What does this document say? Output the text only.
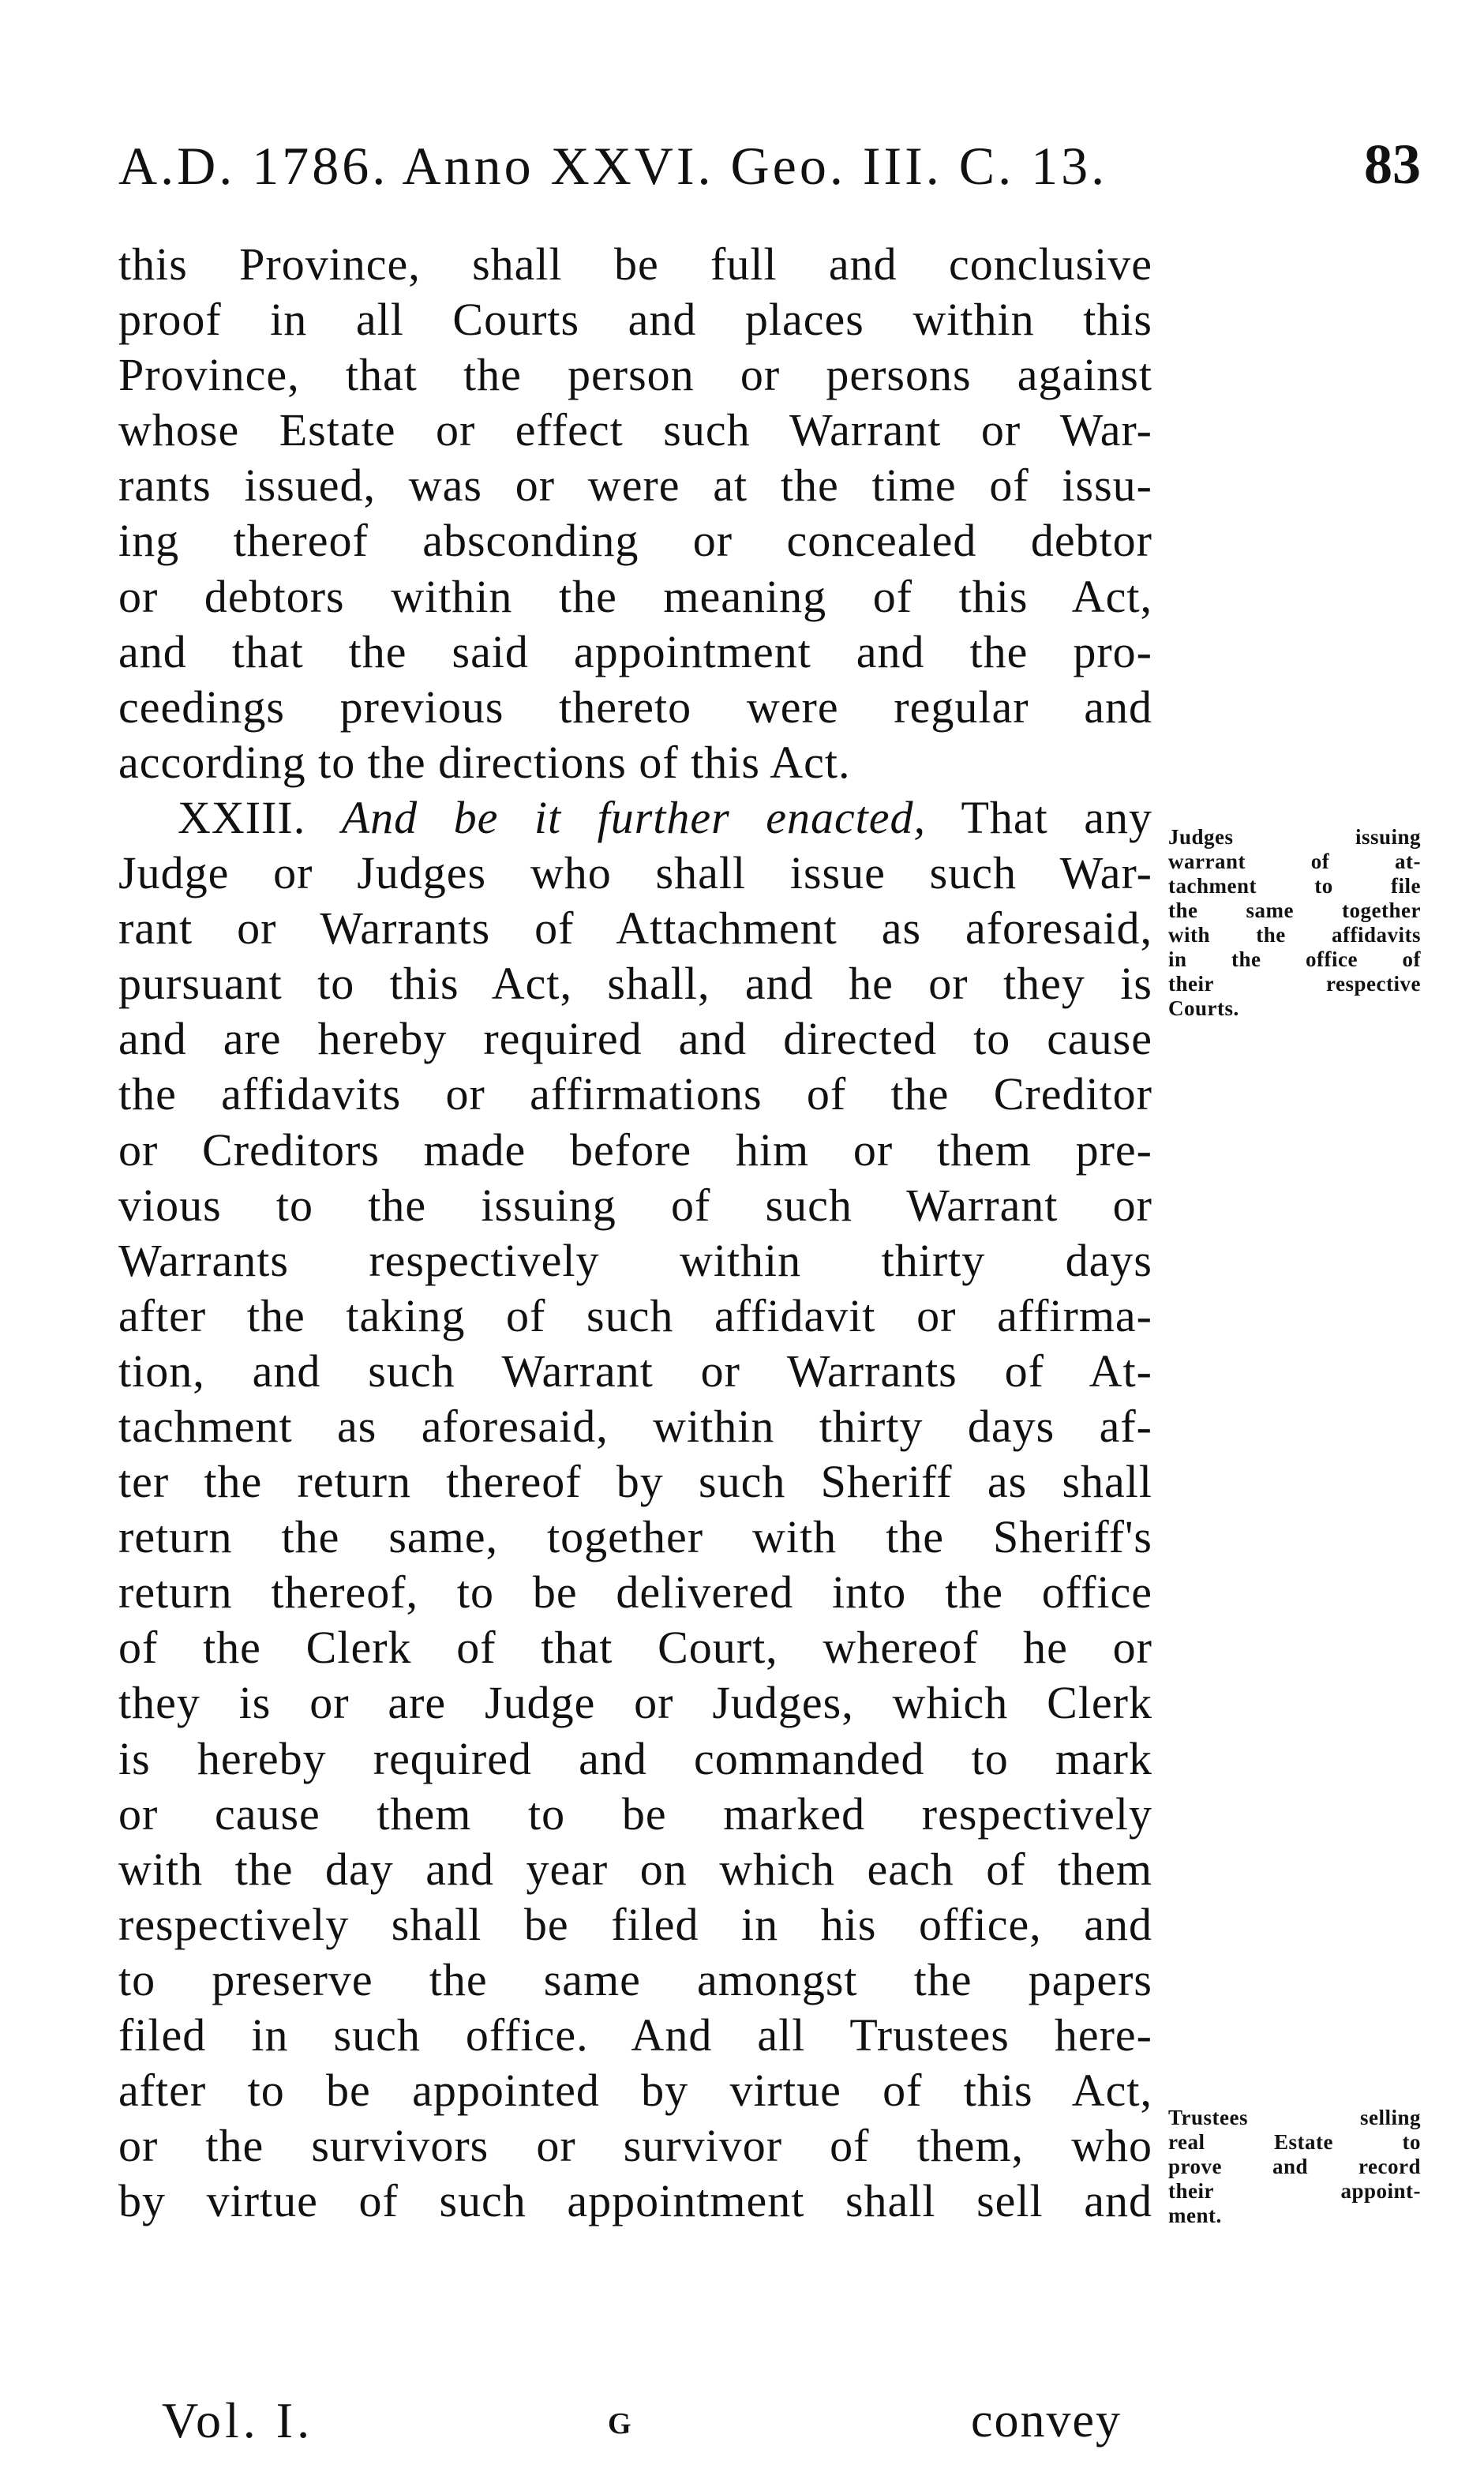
A.D. 1786. Anno XXVI. Geo. III. C. 13.	83
this Province, shall be full and conclusive
proof in all Courts and places within this
Province, that the person or persons against
whose Estate or effect such Warrant or War-
rants issued, was or were at the time of issu-
ing thereof absconding or concealed debtor
or debtors within the meaning of this Act,
and that the said appointment and the pro-
ceedings previous thereto were regular and
according to the directions of this Act.
XXIII. And be it further enacted, That any
Judge or Judges who shall issue such War-
rant or Warrants of Attachment as aforesaid,
pursuant to this Act, shall, and he or they is
and are hereby required and directed to cause
the affidavits or affirmations of the Creditor
or Creditors made before him or them pre-
vious to the issuing of such Warrant or
Warrants respectively within thirty days
after the taking of such affidavit or affirma-
tion, and such Warrant or Warrants of At-
tachment as aforesaid, within thirty days af-
ter the return thereof by such Sheriff as shall
return the same, together with the Sheriff's
return thereof, to be delivered into the office
of the Clerk of that Court, whereof he or
they is or are Judge or Judges, which Clerk
is hereby required and commanded to mark
or cause them to be marked respectively
with the day and year on which each of them
respectively shall be filed in his office, and
to preserve the same amongst the papers
filed in such office. And all Trustees here-
after to be appointed by virtue of this Act,
or the survivors or survivor of them, who
by virtue of such appointment shall sell and
Judges issuing
warrant of at-
tachment to file
the same together
with the affidavits
in the office of
their respective
Courts.
Trustees selling
real Estate to
prove and record
their appoint-
ment.
Vol. I.	G	convey
